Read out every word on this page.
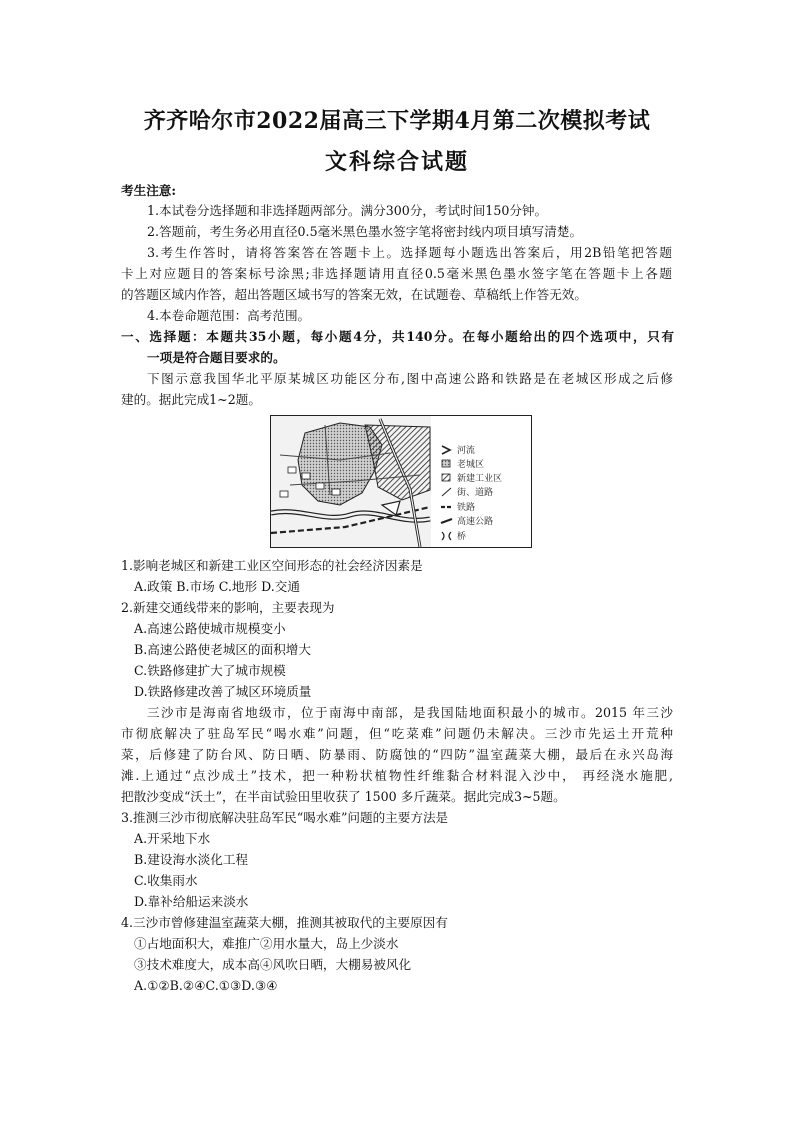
齐齐哈尔市2022届高三下学期4月第二次模拟考试
文科综合试题
考生注意:
1.本试卷分选择题和非选择题两部分。满分300分，考试时间150分钟。
2.答题前，考生务必用直径0.5毫米黑色墨水签字笔将密封线内项目填写清楚。
3.考生作答时，请将答案答在答题卡上。选择题每小题选出答案后，用2B铅笔把答题
卡上对应题目的答案标号涂黑;非选择题请用直径0.5毫米黑色墨水签字笔在答题卡上各题
的答题区域内作答，超出答题区域书写的答案无效，在试题卷、草稿纸上作答无效。
4.本卷命题范围：高考范围。
一、选择题：本题共35小题，每小题4分，共140分。在每小题给出的四个选项中，只有
一项是符合题目要求的。
下图示意我国华北平原某城区功能区分布,图中高速公路和铁路是在老城区形成之后修
建的。据此完成1~2题。
河流
老城区
新建工业区
街、道路
铁路
高速公路
桥
1.影响老城区和新建工业区空间形态的社会经济因素是
A.政策 B.市场 C.地形 D.交通
2.新建交通线带来的影响，主要表现为
A.高速公路使城市规模变小
B.高速公路使老城区的面积增大
C.铁路修建扩大了城市规模
D.铁路修建改善了城区环境质量
三沙市是海南省地级市，位于南海中南部，是我国陆地面积最小的城市。2015 年三沙
市彻底解决了驻岛军民“喝水难”问题，但“吃菜难”问题仍未解决。三沙市先运土开荒种
菜，后修建了防台风、防日晒、防暴雨、防腐蚀的“四防”温室蔬菜大棚，最后在永兴岛海
滩.上通过“点沙成土”技术，把一种粉状植物性纤维黏合材料混入沙中， 再经浇水施肥,
把散沙变成“沃土”，在半亩试验田里收获了 1500 多斤蔬菜。据此完成3~5题。
3.推测三沙市彻底解决驻岛军民“喝水难”问题的主要方法是
A.开采地下水
B.建设海水淡化工程
C.收集雨水
D.靠补给船运来淡水
4.三沙市曾修建温室蔬菜大棚，推测其被取代的主要原因有
①占地面积大，难推广②用水量大，岛上少淡水
③技术难度大，成本高④风吹日晒，大棚易被风化
A.①②B.②④C.①③D.③④
